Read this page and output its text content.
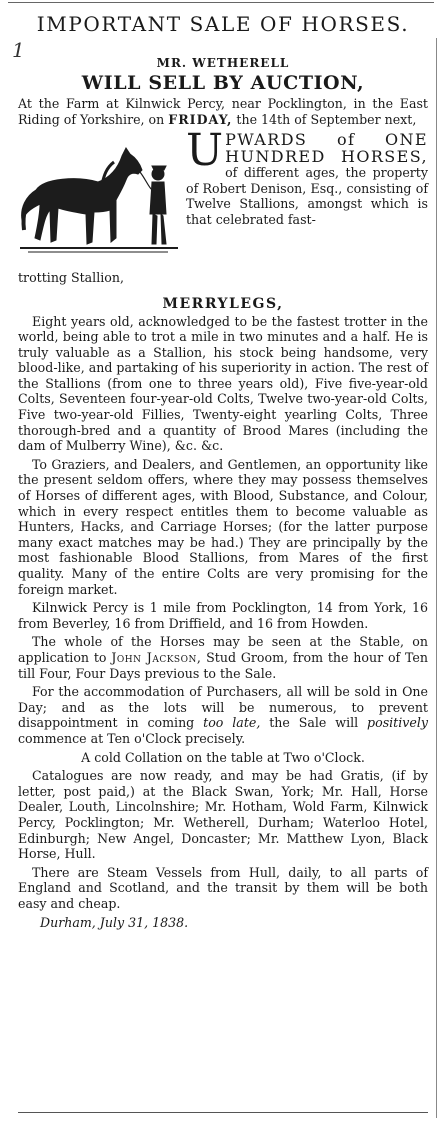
IMPORTANT SALE OF HORSES.
1
MR. WETHERELL
WILL SELL BY AUCTION,

At the Farm at Kilnwick Percy, near Pocklington, in the East Riding of Yorkshire, on FRIDAY, the 14th of September next,

UPWARDS of ONE HUNDRED HORSES, of different ages, the property of Robert Denison, Esq., consisting of Twelve Stallions, amongst which is that celebrated fast-

trotting Stallion,

MERRYLEGS,

Eight years old, acknowledged to be the fastest trotter in the world, being able to trot a mile in two minutes and a half. He is truly valuable as a Stallion, his stock being handsome, very blood-like, and partaking of his superiority in action. The rest of the Stallions (from one to three years old), Five five-year-old Colts, Seventeen four-year-old Colts, Twelve two-year-old Colts, Five two-year-old Fillies, Twenty-eight yearling Colts, Three thorough-bred and a quantity of Brood Mares (including the dam of Mulberry Wine), &c. &c.

To Graziers, and Dealers, and Gentlemen, an opportunity like the present seldom offers, where they may possess themselves of Horses of different ages, with Blood, Substance, and Colour, which in every respect entitles them to become valuable as Hunters, Hacks, and Carriage Horses; (for the latter purpose many exact matches may be had.) They are principally by the most fashionable Blood Stallions, from Mares of the first quality. Many of the entire Colts are very promising for the foreign market.

Kilnwick Percy is 1 mile from Pocklington, 14 from York, 16 from Beverley, 16 from Driffield, and 16 from Howden.

The whole of the Horses may be seen at the Stable, on application to John Jackson, Stud Groom, from the hour of Ten till Four, Four Days previous to the Sale.

For the accommodation of Purchasers, all will be sold in One Day; and as the lots will be numerous, to prevent disappointment in coming too late, the Sale will positively commence at Ten o'Clock precisely.

A cold Collation on the table at Two o'Clock.

Catalogues are now ready, and may be had Gratis, (if by letter, post paid,) at the Black Swan, York; Mr. Hall, Horse Dealer, Louth, Lincolnshire; Mr. Hotham, Wold Farm, Kilnwick Percy, Pocklington; Mr. Wetherell, Durham; Waterloo Hotel, Edinburgh; New Angel, Doncaster; Mr. Matthew Lyon, Black Horse, Hull.

There are Steam Vessels from Hull, daily, to all parts of England and Scotland, and the transit by them will be both easy and cheap.

Durham, July 31, 1838.
